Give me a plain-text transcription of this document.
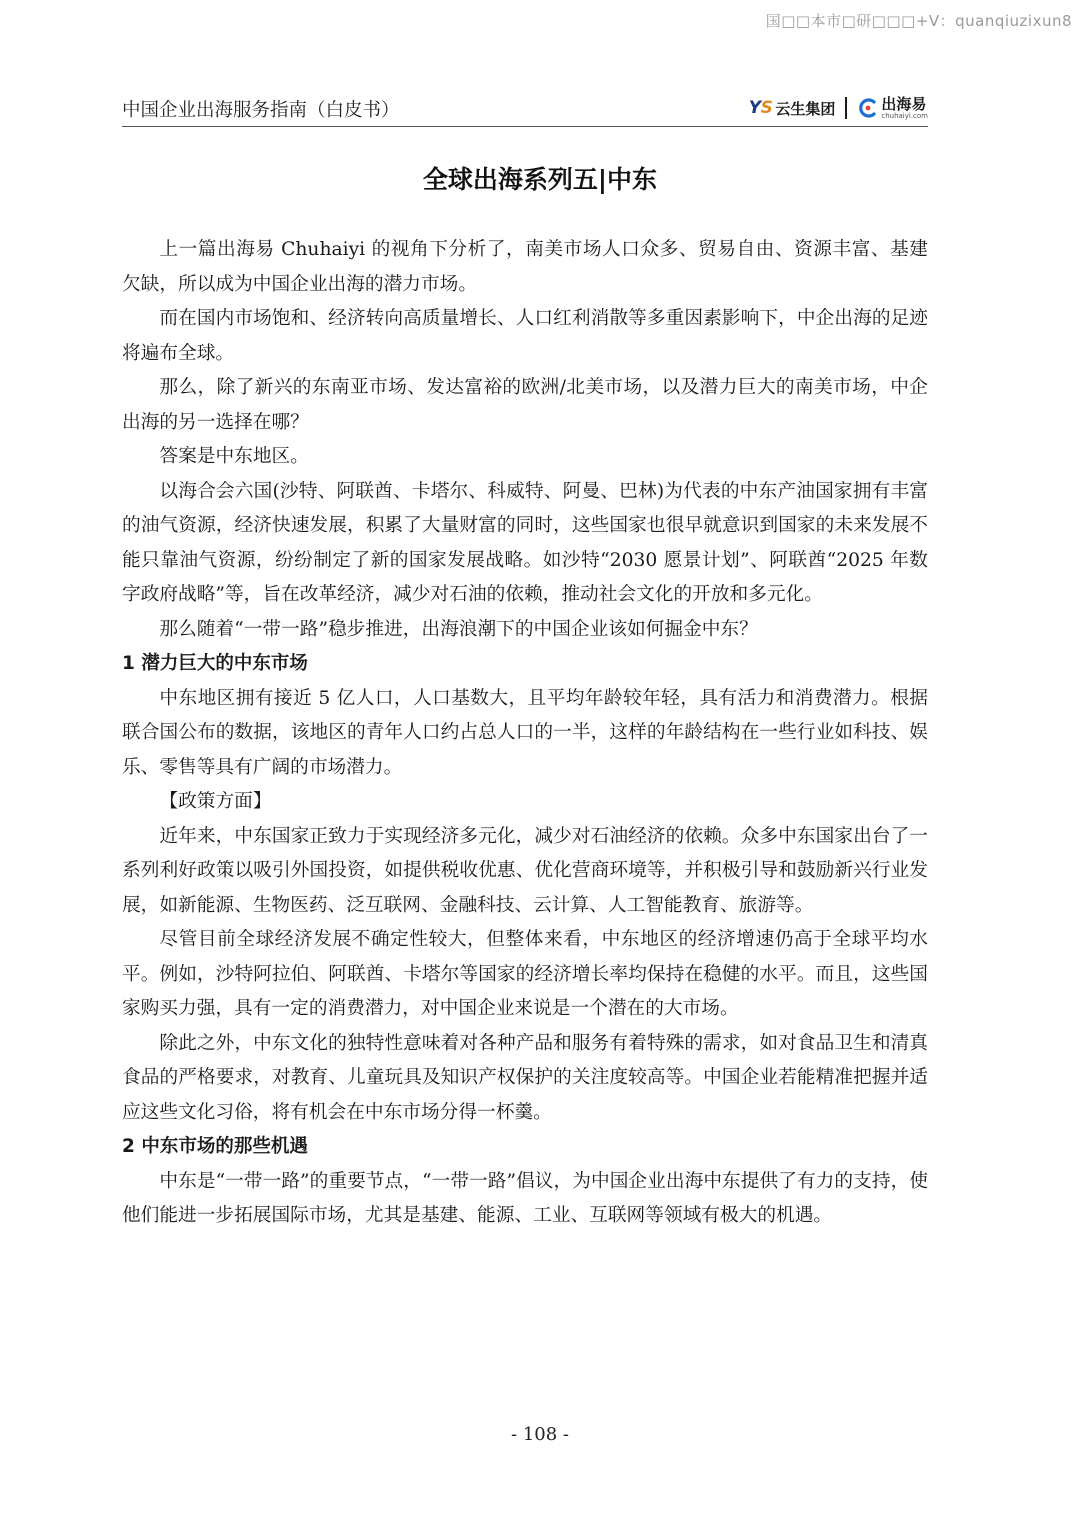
国□□本市□研□□□+V：quanqiuzixun8
中国企业出海服务指南（白皮书）	YS 云生集团	出海易
chuhaiyi.com
全球出海系列五|中东

上一篇出海易 Chuhaiyi 的视角下分析了，南美市场人口众多、贸易自由、资源丰富、基建欠缺，所以成为中国企业出海的潜力市场。

而在国内市场饱和、经济转向高质量增长、人口红利消散等多重因素影响下，中企出海的足迹将遍布全球。

那么，除了新兴的东南亚市场、发达富裕的欧洲/北美市场，以及潜力巨大的南美市场，中企出海的另一选择在哪？

答案是中东地区。

以海合会六国(沙特、阿联酋、卡塔尔、科威特、阿曼、巴林)为代表的中东产油国家拥有丰富的油气资源，经济快速发展，积累了大量财富的同时，这些国家也很早就意识到国家的未来发展不能只靠油气资源，纷纷制定了新的国家发展战略。如沙特“2030 愿景计划”、阿联酋“2025 年数字政府战略”等，旨在改革经济，减少对石油的依赖，推动社会文化的开放和多元化。

那么随着“一带一路”稳步推进，出海浪潮下的中国企业该如何掘金中东？

1 潜力巨大的中东市场

中东地区拥有接近 5 亿人口，人口基数大，且平均年龄较年轻，具有活力和消费潜力。根据联合国公布的数据，该地区的青年人口约占总人口的一半，这样的年龄结构在一些行业如科技、娱乐、零售等具有广阔的市场潜力。

【政策方面】

近年来，中东国家正致力于实现经济多元化，减少对石油经济的依赖。众多中东国家出台了一系列利好政策以吸引外国投资，如提供税收优惠、优化营商环境等，并积极引导和鼓励新兴行业发展，如新能源、生物医药、泛互联网、金融科技、云计算、人工智能教育、旅游等。

尽管目前全球经济发展不确定性较大，但整体来看，中东地区的经济增速仍高于全球平均水平。例如，沙特阿拉伯、阿联酋、卡塔尔等国家的经济增长率均保持在稳健的水平。而且，这些国家购买力强，具有一定的消费潜力，对中国企业来说是一个潜在的大市场。

除此之外，中东文化的独特性意味着对各种产品和服务有着特殊的需求，如对食品卫生和清真食品的严格要求，对教育、儿童玩具及知识产权保护的关注度较高等。中国企业若能精准把握并适应这些文化习俗，将有机会在中东市场分得一杯羹。

2 中东市场的那些机遇

中东是“一带一路”的重要节点，“一带一路”倡议，为中国企业出海中东提供了有力的支持，使他们能进一步拓展国际市场，尤其是基建、能源、工业、互联网等领域有极大的机遇。

- 108 -
